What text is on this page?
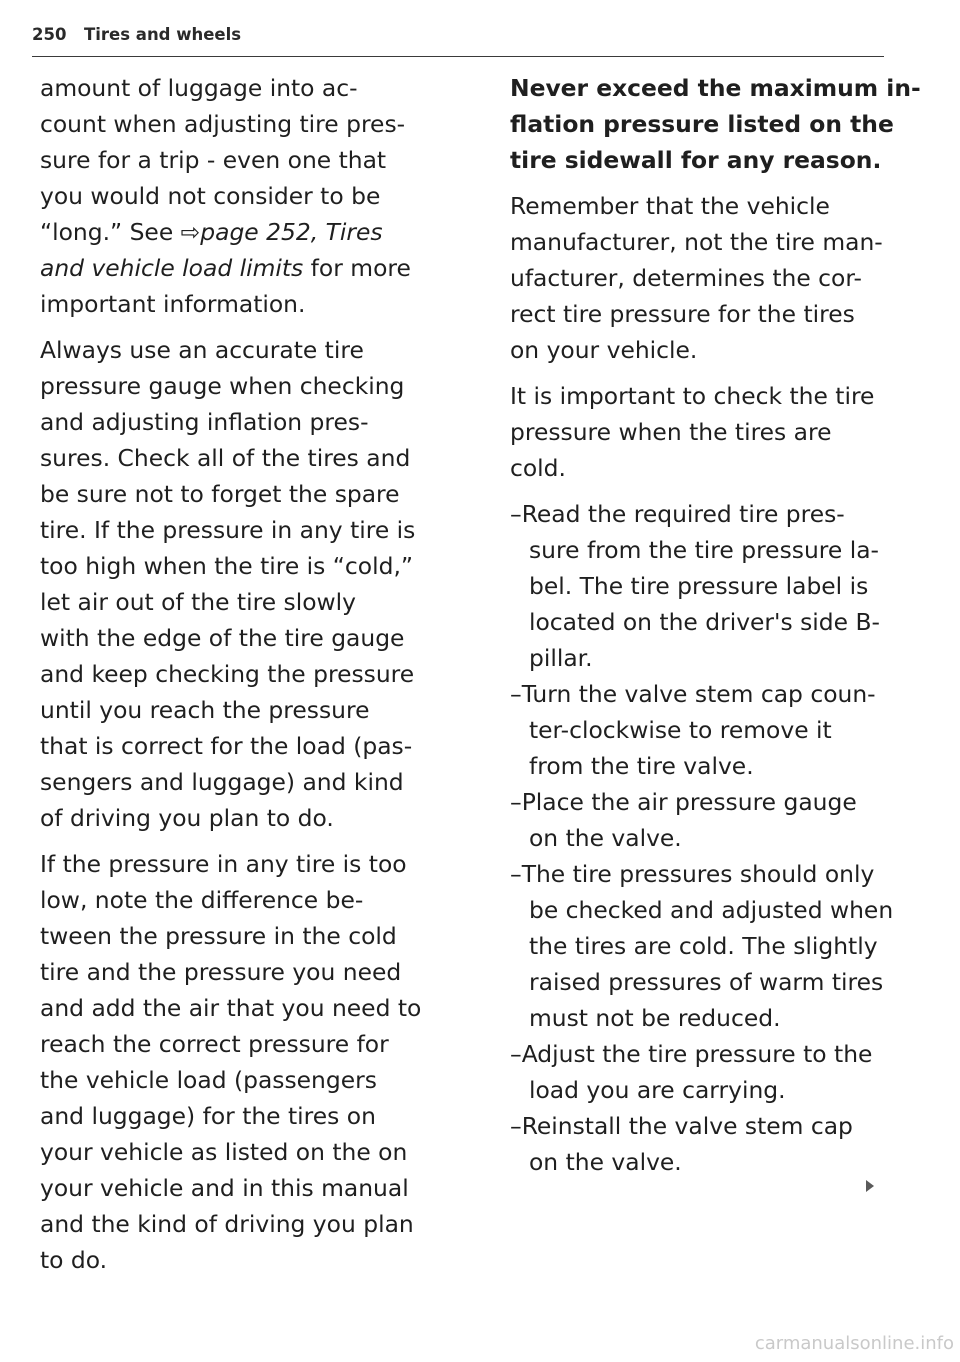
250 Tires and wheels
amount of luggage into ac-
count when adjusting tire pres-
sure for a trip - even one that
you would not consider to be
“long.” See ⇨page 252, Tires
and vehicle load limits for more
important information.
Always use an accurate tire
pressure gauge when checking
and adjusting inflation pres-
sures. Check all of the tires and
be sure not to forget the spare
tire. If the pressure in any tire is
too high when the tire is “cold,”
let air out of the tire slowly
with the edge of the tire gauge
and keep checking the pressure
until you reach the pressure
that is correct for the load (pas-
sengers and luggage) and kind
of driving you plan to do.
If the pressure in any tire is too
low, note the difference be-
tween the pressure in the cold
tire and the pressure you need
and add the air that you need to
reach the correct pressure for
the vehicle load (passengers
and luggage) for the tires on
your vehicle as listed on the on
your vehicle and in this manual
and the kind of driving you plan
to do.
Never exceed the maximum in-
flation pressure listed on the
tire sidewall for any reason.
Remember that the vehicle
manufacturer, not the tire man-
ufacturer, determines the cor-
rect tire pressure for the tires
on your vehicle.
It is important to check the tire
pressure when the tires are
cold.
–Read the required tire pres-
sure from the tire pressure la-
bel. The tire pressure label is
located on the driver's side B-
pillar.
–Turn the valve stem cap coun-
ter-clockwise to remove it
from the tire valve.
–Place the air pressure gauge
on the valve.
–The tire pressures should only
be checked and adjusted when
the tires are cold. The slightly
raised pressures of warm tires
must not be reduced.
–Adjust the tire pressure to the
load you are carrying.
–Reinstall the valve stem cap
on the valve.
carmanualsonline.info
